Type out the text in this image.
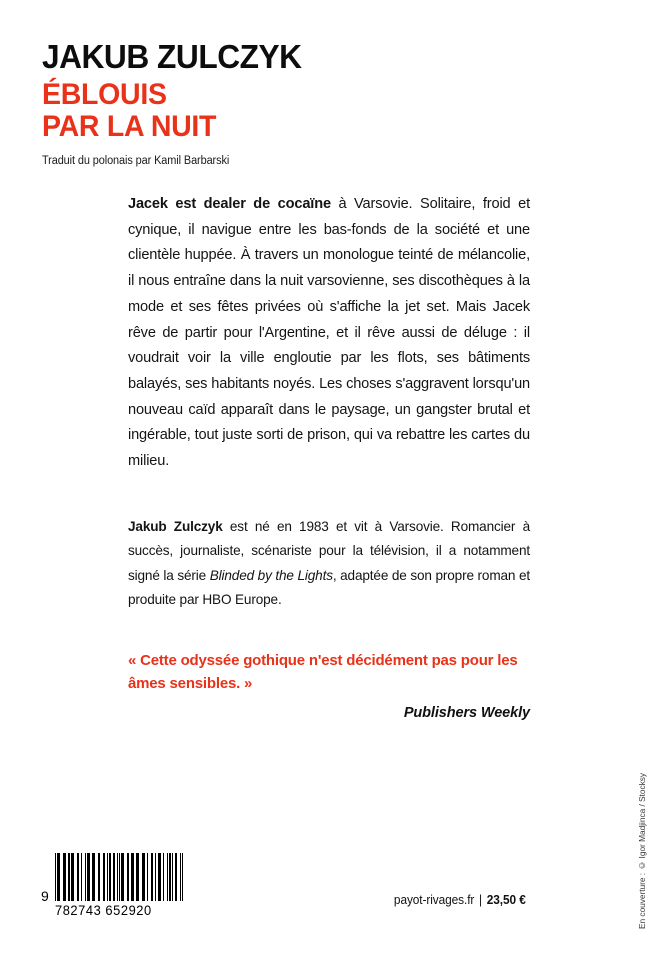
JAKUB ZULCZYK
ÉBLOUIS
PAR LA NUIT
Traduit du polonais par Kamil Barbarski

Jacek est dealer de cocaïne à Varsovie. Solitaire, froid et cynique, il navigue entre les bas-fonds de la société et une clientèle huppée. À travers un monologue teinté de mélancolie, il nous entraîne dans la nuit varsovienne, ses discothèques à la mode et ses fêtes privées où s'affiche la jet set. Mais Jacek rêve de partir pour l'Argentine, et il rêve aussi de déluge : il voudrait voir la ville engloutie par les flots, ses bâtiments balayés, ses habitants noyés. Les choses s'aggravent lorsqu'un nouveau caïd apparaît dans le paysage, un gangster brutal et ingérable, tout juste sorti de prison, qui va rebattre les cartes du milieu.

Jakub Zulczyk est né en 1983 et vit à Varsovie. Romancier à succès, journaliste, scénariste pour la télévision, il a notamment signé la série Blinded by the Lights, adaptée de son propre roman et produite par HBO Europe.

« Cette odyssée gothique n'est décidément pas pour les âmes sensibles. »

Publishers Weekly
9
782743 652920
payot-rivages.fr | 23,50 €	En couverture : © Igor Madjinca / Stocksy
